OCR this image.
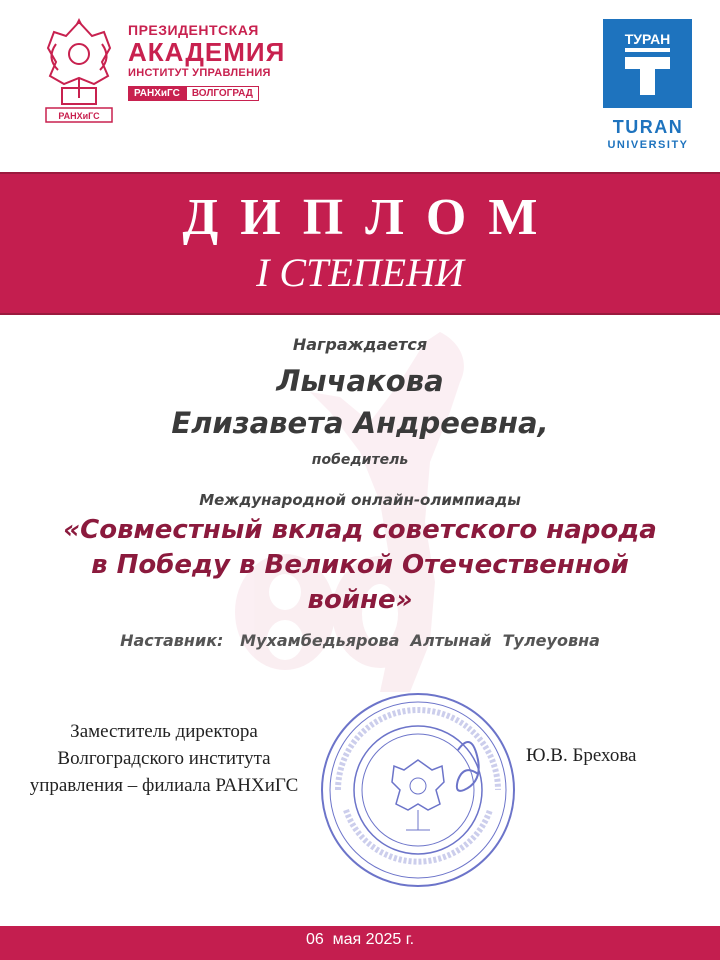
РАНХиГС
ПРЕЗИДЕНТСКАЯ
АКАДЕМИЯ
ИНСТИТУТ УПРАВЛЕНИЯ
РАНХиГС	ВОЛГОГРАД
ТУРАН
TURAN
UNIVERSITY
ДИПЛОМ
I СТЕПЕНИ
Награждается
Лычакова
Елизавета Андреевна,
победитель
Международной онлайн-олимпиады
«Совместный вклад советского народа
в Победу в Великой Отечественной
войне»
Наставник:   Мухамбедьярова  Алтынай  Тулеуовна
Заместитель директора
Волгоградского института
управления – филиала РАНХиГС
Ю.В. Брехова
06  мая 2025 г.
